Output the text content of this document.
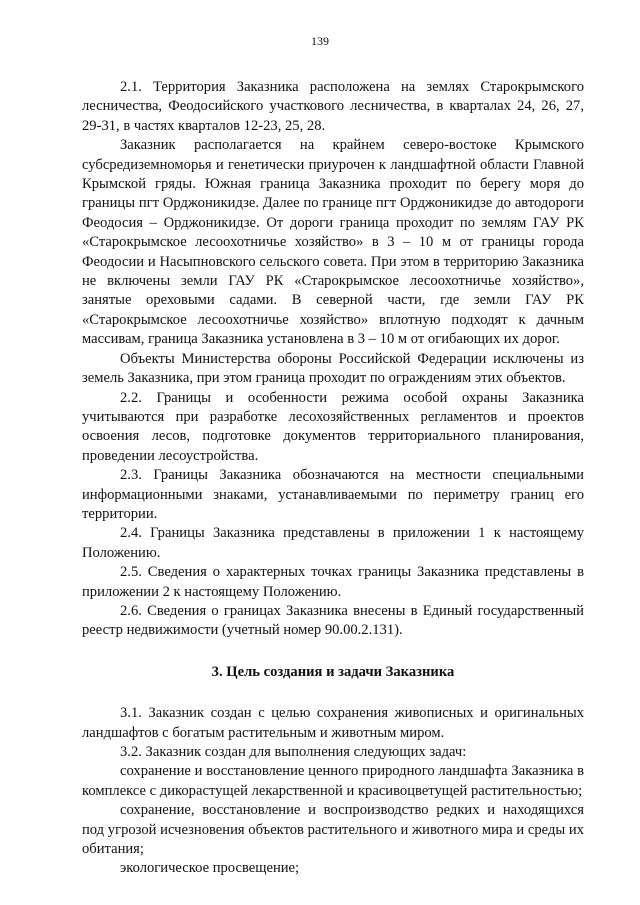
139

2.1. Территория Заказника расположена на землях Старокрымского лесничества, Феодосийского участкового лесничества, в кварталах 24, 26, 27, 29-31, в частях кварталов 12-23, 25, 28.

Заказник располагается на крайнем северо-востоке Крымского субсредиземноморья и генетически приурочен к ландшафтной области Главной Крымской гряды. Южная граница Заказника проходит по берегу моря до границы пгт Орджоникидзе. Далее по границе пгт Орджоникидзе до автодороги Феодосия – Орджоникидзе. От дороги граница проходит по землям ГАУ РК «Старокрымское лесоохотничье хозяйство» в 3 – 10 м от границы города Феодосии и Насыпновского сельского совета. При этом в территорию Заказника не включены земли ГАУ РК «Старокрымское лесоохотничье хозяйство», занятые ореховыми садами. В северной части, где земли ГАУ РК «Старокрымское лесоохотничье хозяйство» вплотную подходят к дачным массивам, граница Заказника установлена в 3 – 10 м от огибающих их дорог.

Объекты Министерства обороны Российской Федерации исключены из земель Заказника, при этом граница проходит по ограждениям этих объектов.

2.2. Границы и особенности режима особой охраны Заказника учитываются при разработке лесохозяйственных регламентов и проектов освоения лесов, подготовке документов территориального планирования, проведении лесоустройства.

2.3. Границы Заказника обозначаются на местности специальными информационными знаками, устанавливаемыми по периметру границ его территории.

2.4. Границы Заказника представлены в приложении 1 к настоящему Положению.

2.5. Сведения о характерных точках границы Заказника представлены в приложении 2 к настоящему Положению.

2.6. Сведения о границах Заказника внесены в Единый государственный реестр недвижимости (учетный номер 90.00.2.131).

3. Цель создания и задачи Заказника

3.1. Заказник создан с целью сохранения живописных и оригинальных ландшафтов с богатым растительным и животным миром.

3.2. Заказник создан для выполнения следующих задач:

сохранение и восстановление ценного природного ландшафта Заказника в комплексе с дикорастущей лекарственной и красивоцветущей растительностью;

сохранение, восстановление и воспроизводство редких и находящихся под угрозой исчезновения объектов растительного и животного мира и среды их обитания;

экологическое просвещение;
